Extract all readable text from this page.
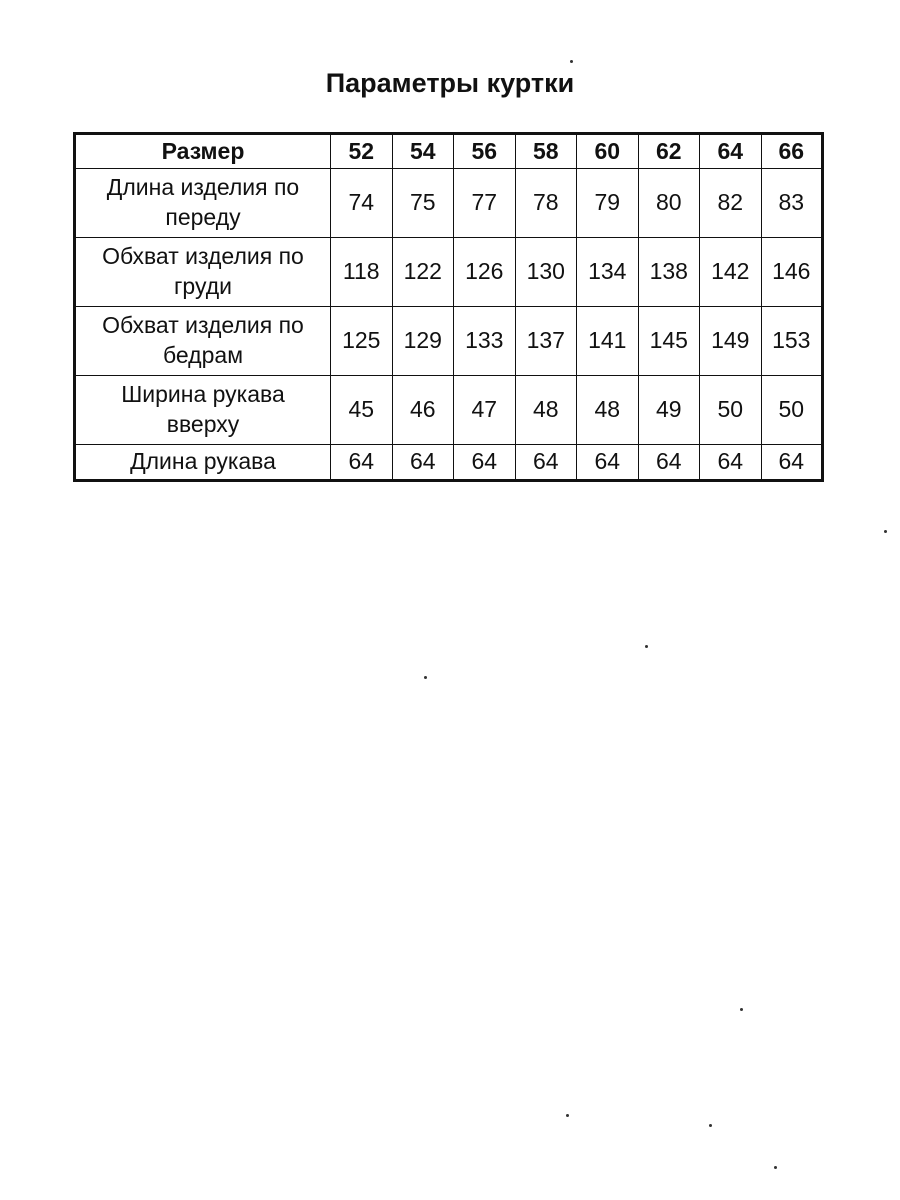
Параметры куртки
Размер	52	54	56	58	60	62	64	66
Длина изделия по переду	74	75	77	78	79	80	82	83
Обхват изделия по груди	118	122	126	130	134	138	142	146
Обхват изделия по бедрам	125	129	133	137	141	145	149	153
Ширина рукава вверху	45	46	47	48	48	49	50	50
Длина рукава	64	64	64	64	64	64	64	64
